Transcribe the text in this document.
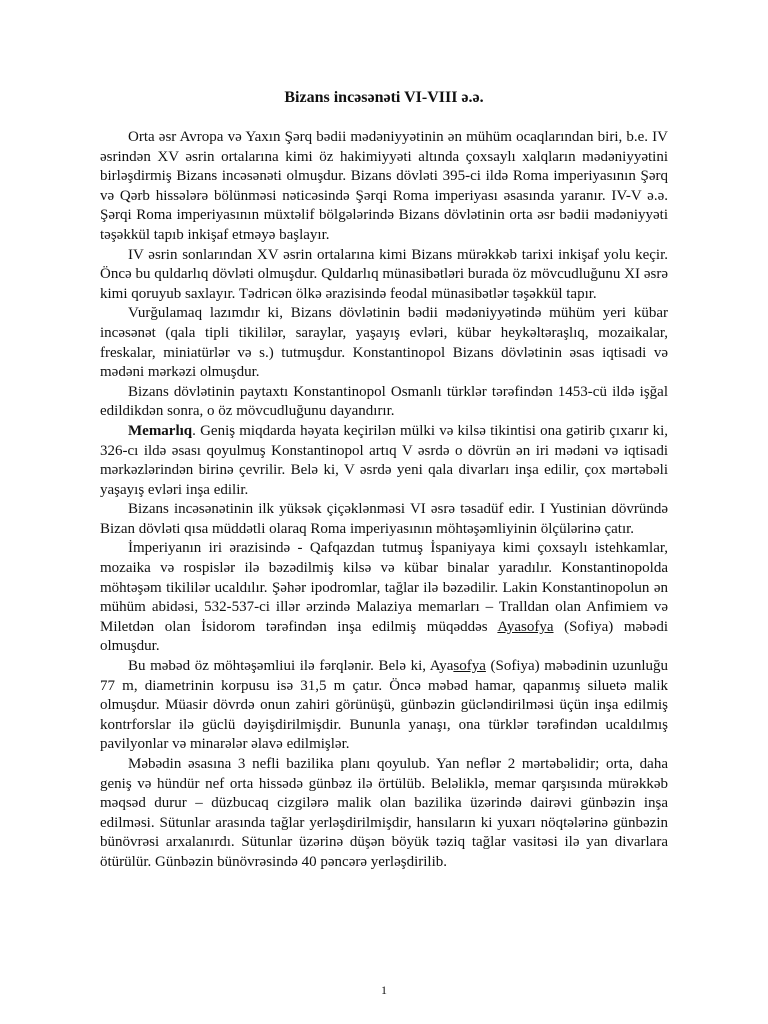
Bizans incəsənəti VI-VIII ə.ə.

Orta əsr Avropa və Yaxın Şərq bədii mədəniyyətinin ən mühüm ocaqlarından biri, b.e. IV əsrindən XV əsrin ortalarına kimi öz hakimiyyəti altında çoxsaylı xalqların mədəniyyətini birləşdirmiş Bizans incəsənəti olmuşdur. Bizans dövləti 395-ci ildə Roma imperiyasının Şərq və Qərb hissələrə bölünməsi nəticəsində Şərqi Roma imperiyası əsasında yaranır. IV-V ə.ə. Şərqi Roma imperiyasının müxtəlif bölgələrində Bizans dövlətinin orta əsr bədii mədəniyyəti təşəkkül tapıb inkişaf etməyə başlayır.

IV əsrin sonlarından XV əsrin ortalarına kimi Bizans mürəkkəb tarixi inkişaf yolu keçir. Öncə bu quldarlıq dövləti olmuşdur. Quldarlıq münasibətləri burada öz mövcudluğunu XI əsrə kimi qoruyub saxlayır. Tədricən ölkə ərazisində feodal münasibətlər təşəkkül tapır.

Vurğulamaq lazımdır ki, Bizans dövlətinin bədii mədəniyyətində mühüm yeri kübar incəsənət (qala tipli tikililər, saraylar, yaşayış evləri, kübar heykəltəraşlıq, mozaikalar, freskalar, miniatürlər və s.) tutmuşdur. Konstantinopol Bizans dövlətinin əsas iqtisadi və mədəni mərkəzi olmuşdur.

Bizans dövlətinin paytaxtı Konstantinopol Osmanlı türklər tərəfindən 1453-cü ildə işğal edildikdən sonra, o öz mövcudluğunu dayandırır.

Memarlıq. Geniş miqdarda həyata keçirilən mülki və kilsə tikintisi ona gətirib çıxarır ki, 326-cı ildə əsası qoyulmuş Konstantinopol artıq V əsrdə o dövrün ən iri mədəni və iqtisadi mərkəzlərindən birinə çevrilir. Belə ki, V əsrdə yeni qala divarları inşa edilir, çox mərtəbəli yaşayış evləri inşa edilir.

Bizans incəsənətinin ilk yüksək çiçəklənməsi VI əsrə təsadüf edir. I Yustinian dövründə Bizan dövləti qısa müddətli olaraq Roma imperiyasının möhtəşəmliyinin ölçülərinə çatır.

İmperiyanın iri ərazisində - Qafqazdan tutmuş İspaniyaya kimi çoxsaylı istehkamlar, mozaika və rospislər ilə bəzədilmiş kilsə və kübar binalar yaradılır. Konstantinopolda möhtəşəm tikililər ucaldılır. Şəhər ipodromlar, tağlar ilə bəzədilir. Lakin Konstantinopolun ən mühüm abidəsi, 532-537-ci illər ərzində Malaziya memarları – Tralldan olan Anfimiem və Miletdən olan İsidorom tərəfindən inşa edilmiş müqəddəs Ayasofya (Sofiya) məbədi olmuşdur.

Bu məbəd öz möhtəşəmliui ilə fərqlənir. Belə ki, Ayasofya (Sofiya) məbədinin uzunluğu 77 m, diametrinin korpusu isə 31,5 m çatır. Öncə məbəd hamar, qapanmış siluetə malik olmuşdur. Müasir dövrdə onun zahiri görünüşü, günbəzin gücləndirilməsi üçün inşa edilmiş kontrforslar ilə güclü dəyişdirilmişdir. Bununla yanaşı, ona türklər tərəfindən ucaldılmış pavilyonlar və minarələr əlavə edilmişlər.

Məbədin əsasına 3 nefli bazilika planı qoyulub. Yan neflər 2 mərtəbəlidir; orta, daha geniş və hündür nef orta hissədə günbəz ilə örtülüb. Beləliklə, memar qarşısında mürəkkəb məqsəd durur – düzbucaq cizgilərə malik olan bazilika üzərində dairəvi günbəzin inşa edilməsi. Sütunlar arasında tağlar yerləşdirilmişdir, hansıların ki yuxarı nöqtələrinə günbəzin bünövrəsi arxalanırdı. Sütunlar üzərinə düşən böyük təziq tağlar vasitəsi ilə yan divarlara ötürülür. Günbəzin bünövrəsində 40 pəncərə yerləşdirilib.

1
